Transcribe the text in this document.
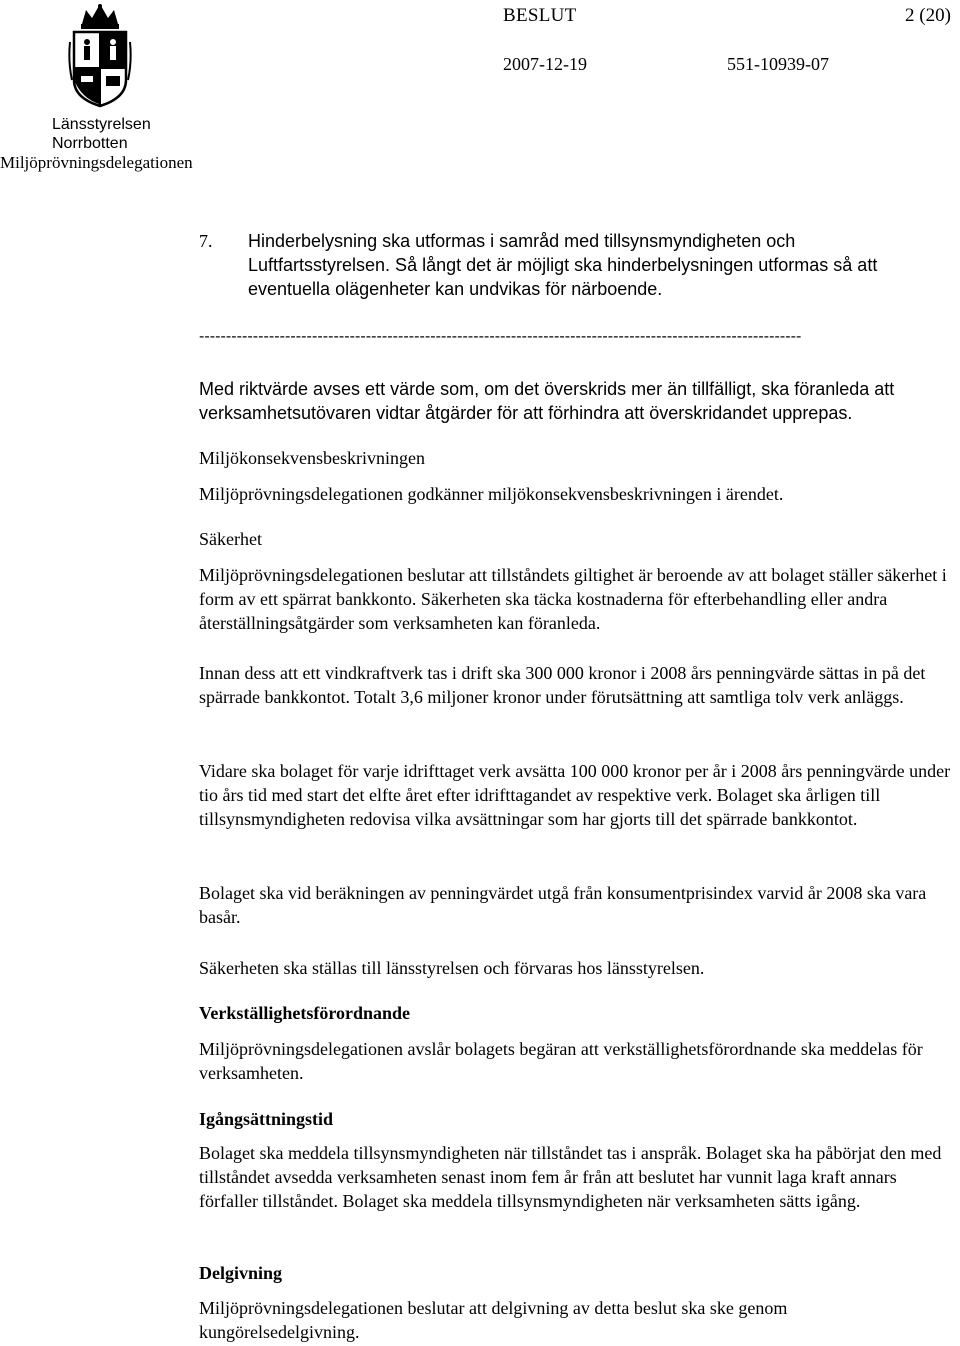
Länsstyrelsen
Norrbotten
Miljöprövningsdelegationen
BESLUT	2 (20)
2007-12-19	551-10939-07
7. Hinderbelysning ska utformas i samråd med tillsynsmyndigheten och Luftfartsstyrelsen. Så långt det är möjligt ska hinderbelysningen utformas så att eventuella olägenheter kan undvikas för närboende.
----------------------------------------------------------------------------------------------------------------

Med riktvärde avses ett värde som, om det överskrids mer än tillfälligt, ska föranleda att verksamhetsutövaren vidtar åtgärder för att förhindra att överskridandet upprepas.

Miljökonsekvensbeskrivningen

Miljöprövningsdelegationen godkänner miljökonsekvensbeskrivningen i ärendet.

Säkerhet

Miljöprövningsdelegationen beslutar att tillståndets giltighet är beroende av att bolaget ställer säkerhet i form av ett spärrat bankkonto. Säkerheten ska täcka kostnaderna för efterbehandling eller andra återställningsåtgärder som verksamheten kan föranleda.

Innan dess att ett vindkraftverk tas i drift ska 300 000 kronor i 2008 års penningvärde sättas in på det spärrade bankkontot. Totalt 3,6 miljoner kronor under förutsättning att samtliga tolv verk anläggs.

Vidare ska bolaget för varje idrifttaget verk avsätta 100 000 kronor per år i 2008 års penningvärde under tio års tid med start det elfte året efter idrifttagandet av respektive verk. Bolaget ska årligen till tillsynsmyndigheten redovisa vilka avsättningar som har gjorts till det spärrade bankkontot.

Bolaget ska vid beräkningen av penningvärdet utgå från konsumentprisindex varvid år 2008 ska vara basår.

Säkerheten ska ställas till länsstyrelsen och förvaras hos länsstyrelsen.

Verkställighetsförordnande

Miljöprövningsdelegationen avslår bolagets begäran att verkställighetsförordnande ska meddelas för verksamheten.

Igångsättningstid

Bolaget ska meddela tillsynsmyndigheten när tillståndet tas i anspråk. Bolaget ska ha påbörjat den med tillståndet avsedda verksamheten senast inom fem år från att beslutet har vunnit laga kraft annars förfaller tillståndet. Bolaget ska meddela tillsynsmyndigheten när verksamheten sätts igång.

Delgivning

Miljöprövningsdelegationen beslutar att delgivning av detta beslut ska ske genom kungörelsedelgivning.
